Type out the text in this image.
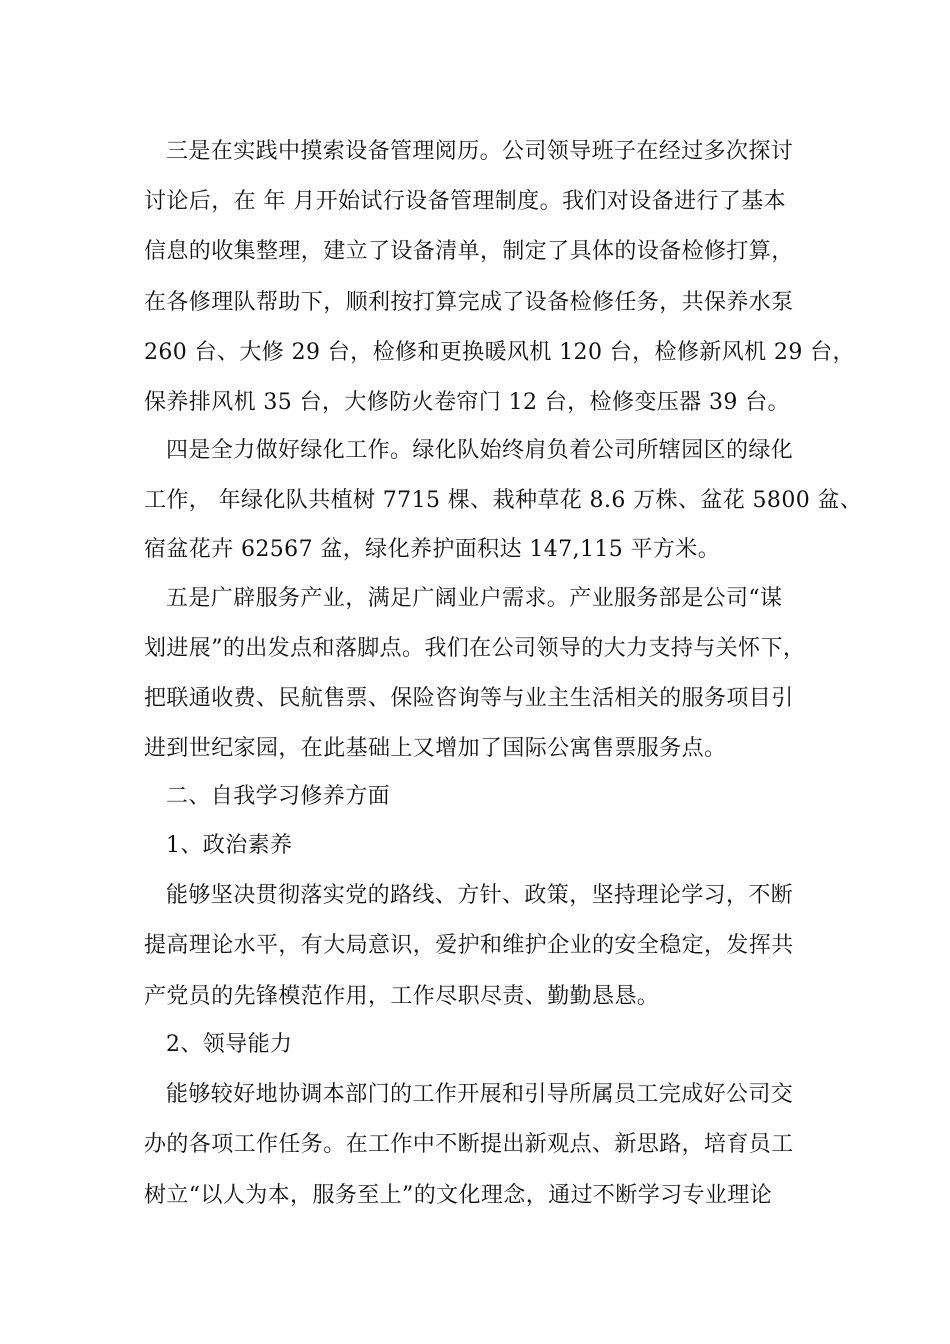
三是在实践中摸索设备管理阅历。公司领导班子在经过多次探讨
讨论后，在 年 月开始试行设备管理制度。我们对设备进行了基本
信息的收集整理，建立了设备清单，制定了具体的设备检修打算，
在各修理队帮助下，顺利按打算完成了设备检修任务，共保养水泵
260 台、大修 29 台，检修和更换暖风机 120 台，检修新风机 29 台，
保养排风机 35 台，大修防火卷帘门 12 台，检修变压器 39 台。
四是全力做好绿化工作。绿化队始终肩负着公司所辖园区的绿化
工作， 年绿化队共植树 7715 棵、栽种草花 8.6 万株、盆花 5800 盆、
宿盆花卉 62567 盆，绿化养护面积达 147,115 平方米。
五是广辟服务产业，满足广阔业户需求。产业服务部是公司“谋
划进展”的出发点和落脚点。我们在公司领导的大力支持与关怀下，
把联通收费、民航售票、保险咨询等与业主生活相关的服务项目引
进到世纪家园，在此基础上又增加了国际公寓售票服务点。
二、自我学习修养方面
1、政治素养
能够坚决贯彻落实党的路线、方针、政策，坚持理论学习，不断
提高理论水平，有大局意识，爱护和维护企业的安全稳定，发挥共
产党员的先锋模范作用，工作尽职尽责、勤勤恳恳。
2、领导能力
能够较好地协调本部门的工作开展和引导所属员工完成好公司交
办的各项工作任务。在工作中不断提出新观点、新思路，培育员工
树立“以人为本，服务至上”的文化理念，通过不断学习专业理论
